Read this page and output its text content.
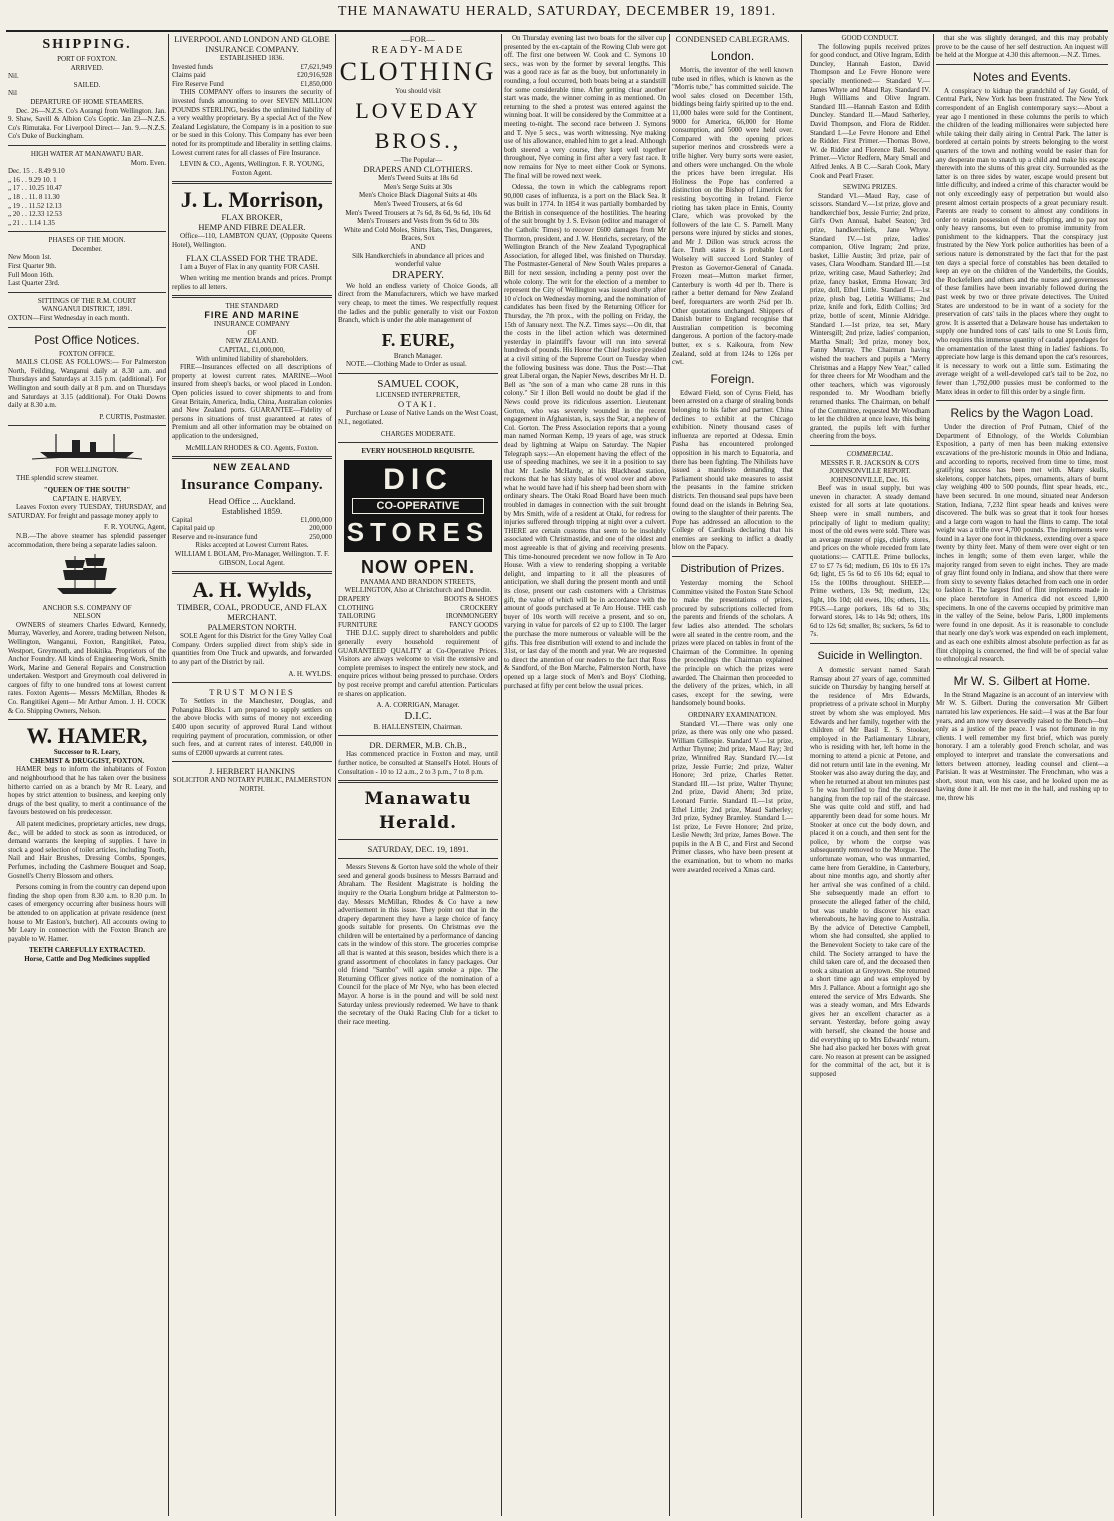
THE MANAWATU HERALD, SATURDAY, DECEMBER 19, 1891.
SHIPPING.
PORT OF FOXTON.
ARRIVED.
Nil.
SAILED.
Nil
DEPARTURE OF HOME STEAMERS.

Dec. 26—N.Z.S. Co's Aorangi from Wellington. Jan. 9. Shaw, Savill & Albion Co's Coptic. Jan 23—N.Z.S. Co's Rimutaka. For Liverpool Direct— Jan. 9.—N.Z.S. Co's Duke of Buckingham.

HIGH WATER AT MANAWATU BAR.
Morn. Even.
Dec. 15 . . 8.49 9.10
„ 16 . . 9.29 10. 1
„ 17 . . 10.25 10.47
„ 18 . . 11. 8 11.30
„ 19 . . 11.52 12.13
„ 20 . . 12.33 12.53
„ 21 . . 1.14 1.35
PHASES OF THE MOON.
December.
New Moon 1st.
First Quarter 9th.
Full Moon 16th.
Last Quarter 23rd.
SITTINGS OF THE R.M. COURT
WANGANUI DISTRICT, 1891.
OXTON—First Wednesday in each month.
Post Office Notices.
FOXTON OFFICE.

MAILS CLOSE AS FOLLOWS:— For Palmerston North, Feilding, Wanganui daily at 8.30 a.m. and Thursdays and Saturdays at 3.15 p.m. (additional). For Wellington and south daily at 8 p.m. and on Thursdays and Saturdays at 3.15 (additional). For Otaki Downs daily at 8.30 a.m.

P. CURTIS, Postmaster.
FOR WELLINGTON.

THE splendid screw steamer.

"QUEEN OF THE SOUTH"
CAPTAIN E. HARVEY,

Leaves Foxton every TUESDAY, THURSDAY, and SATURDAY. For freight and passage money apply to

F. R. YOUNG, Agent,

N.B.—The above steamer has splendid passenger accommodation, there being a separate ladies saloon.

ANCHOR S.S. COMPANY OF
NELSON

OWNERS of steamers Charles Edward, Kennedy, Murray, Waverley, and Aorere, trading between Nelson, Wellington, Wanganui, Foxton, Rangitikei, Patea, Westport, Greymouth, and Hokitika. Proprietors of the Anchor Foundry. All kinds of Engineering Work, Smith Work, Marine and General Repairs and Construction undertaken. Westport and Greymouth coal delivered in cargoes of fifty to one hundred tons at lowest current rates. Foxton Agents— Messrs McMillan, Rhodes & Co. Rangitikei Agent— Mr Arthur Amon. J. H. COCK & Co. Shipping Owners, Nelson.

W. HAMER,
Successor to R. Leary,
CHEMIST & DRUGGIST, FOXTON.

HAMER begs to inform the inhabitants of Foxton and neighbourhood that he has taken over the business hitherto carried on as a branch by Mr R. Leary, and hopes by strict attention to business, and keeping only drugs of the best quality, to merit a continuance of the favours bestowed on his predecessor.

All patent medicines, proprietary articles, new drugs, &c., will be added to stock as soon as introduced, or demand warrants the keeping of supplies. I have in stock a good selection of toilet articles, including Tooth, Nail and Hair Brushes, Dressing Combs, Sponges, Perfumes, including the Cashmere Bouquet and Soap, Gosnell's Cherry Blossom and others.

Persons coming in from the country can depend upon finding the shop open from 8.30 a.m. to 8.30 p.m. In cases of emergency occurring after business hours will be attended to on application at private residence (next house to Mr Easton's, butcher). All accounts owing to Mr Leary in connection with the Foxton Branch are payable to W. Hamer.

TEETH CAREFULLY EXTRACTED.
Horse, Cattle and Dog Medicines supplied
LIVERPOOL AND LONDON AND GLOBE
INSURANCE COMPANY.
ESTABLISHED 1836.
Invested funds	£7,621,949
Claims paid	£20,916,928
Fire Reserve Fund	£1,850,000

THIS COMPANY offers to insurers the security of invested funds amounting to over SEVEN MILLION POUNDS STERLING, besides the unlimited liability of a very wealthy proprietary. By a special Act of the New Zealand Legislature, the Company is in a position to sue or be sued in this Colony. This Company has ever been noted for its promptitude and liberality in settling claims. Lowest current rates for all classes of Fire Insurance.

LEVIN & CO., Agents, Wellington. F. R. YOUNG, Foxton Agent.
J. L. Morrison,
FLAX BROKER,
HEMP AND FIBRE DEALER.

Office—110, LAMBTON QUAY, (Opposite Queens Hotel), Wellington.

FLAX CLASSED FOR THE TRADE.

I am a Buyer of Flax in any quantity FOR CASH.

When writing me mention brands and prices. Prompt replies to all letters.

THE STANDARD
FIRE AND MARINE
INSURANCE COMPANY
OF
NEW ZEALAND.
CAPITAL, £1,000,000,
With unlimited liability of shareholders.

FIRE—Insurances effected on all descriptions of property at lowest current rates. MARINE—Wool insured from sheep's backs, or wool placed in London. Open policies issued to cover shipments to and from Great Britain, America, India, China, Australian colonies and New Zealand ports. GUARANTEE—Fidelity of persons in situations of trust guaranteed at rates of Premium and all other information may be obtained on application to the undersigned,

McMILLAN RHODES & CO. Agents, Foxton.
NEW ZEALAND
Insurance Company.
Head Office ... Auckland.
Established 1859.
Capital	£1,000,000
Capital paid up	200,000
Reserve and re-insurance fund	250,000
Risks accepted at Lowest Current Rates.
WILLIAM I. BOLAM, Pro-Manager, Wellington. T. F. GIBSON, Local Agent.
A. H. Wylds,
TIMBER, COAL, PRODUCE, AND FLAX MERCHANT.
PALMERSTON NORTH.

SOLE Agent for this District for the Grey Valley Coal Company. Orders supplied direct from ship's side in quantities from One Truck and upwards, and forwarded to any part of the District by rail.

A. H. WYLDS.
TRUST MONIES

To Settlers in the Manchester, Douglas, and Pohangina Blocks. I am prepared to supply settlers on the above blocks with sums of money not exceeding £400 upon security of approved Rural Land without requiring payment of procuration, commission, or other such fees, and at current rates of interest. £40,000 in sums of £2000 upwards at current rates.

J. HERBERT HANKINS
SOLICITOR AND NOTARY PUBLIC, PALMERSTON NORTH.
—FOR—
READY-MADE
CLOTHING
You should visit
LOVEDAY BROS.,
—The Popular—
DRAPERS AND CLOTHIERS.
Men's Tweed Suits at 18s 6d
Men's Serge Suits at 30s
Men's Choice Black Diagonal Suits at 40s
Men's Tweed Trousers, at 6s 6d
Men's Tweed Trousers at 7s 6d, 8s 6d, 9s 6d, 10s 6d
Men's Trousers and Vests from 9s 6d to 30s
White and Cold Moles, Shirts Hats, Ties, Dungarees, Braces, Sox
AND
Silk Handkerchiefs in abundance all prices and wonderful value
DRAPERY.

We hold an endless variety of Choice Goods, all direct from the Manufacturers, which we have marked very cheap, to meet the times. We respectfully request the ladies and the public generally to visit our Foxton Branch, which is under the able management of

F. EURE,
Branch Manager.

NOTE.—Clothing Made to Order as usual.

SAMUEL COOK,
LICENSED INTERPRETER,
OTAKI.

Purchase or Lease of Native Lands on the West Coast, N.I., negotiated.

CHARGES MODERATE.
EVERY HOUSEHOLD REQUISITE.
DIC
CO-OPERATIVE
STORES
NOW OPEN.
PANAMA AND BRANDON STREETS, WELLINGTON, Also at Christchurch and Dunedin.
DRAPERY	BOOTS & SHOES
CLOTHING	CROCKERY
TAILORING	IRONMONGERY
FURNITURE	FANCY GOODS

THE D.I.C. supply direct to shareholders and public generally every household requirement of GUARANTEED QUALITY at Co-Operative Prices. Visitors are always welcome to visit the extensive and complete premises to inspect the entirely new stock, and enquire prices without being pressed to purchase. Orders by post receive prompt and careful attention. Particulars re shares on application.

A. A. CORRIGAN, Manager.
D.I.C.
B. HALLENSTEIN, Chairman.
DR. DERMER, M.B. Ch.B.,

Has commenced practice in Foxton and may, until further notice, be consulted at Stansell's Hotel. Hours of Consultation - 10 to 12 a.m., 2 to 3 p.m., 7 to 8 p.m.

Manawatu Herald.
SATURDAY, DEC. 19, 1891.

Messrs Stevens & Gorton have sold the whole of their seed and general goods business to Messrs Barraud and Abraham. The Resident Magistrate is holding the inquiry re the Otaria Longburn bridge at Palmerston to-day. Messrs McMillan, Rhodes & Co have a new advertisement in this issue. They point out that in the drapery department they have a large choice of fancy goods suitable for presents. On Christmas eve the children will be entertained by a performance of dancing cats in the window of this store. The groceries comprise all that is wanted at this season, besides which there is a grand assortment of chocolates in fancy packages. Our old friend "Sambo" will again smoke a pipe. The Returning Officer gives notice of the nomination of a Council for the place of Mr Nye, who has been elected Mayor. A horse is in the pound and will be sold next Saturday unless previously redeemed. We have to thank the secretary of the Otaki Racing Club for a ticket to their race meeting.

On Thursday evening last two boats for the silver cup presented by the ex-captain of the Rowing Club were got off. The first one between W. Cook and C. Symons 10 secs., was won by the former by several lengths. This was a good race as far as the buoy, but unfortunately in rounding, a foul occurred, both boats being at a standstill for some considerable time. After getting clear another start was made, the winner coming in as mentioned. On returning to the shed a protest was entered against the winning boat. It will be considered by the Committee at a meeting to-night. The second race between J. Symons and T. Nye 5 secs., was worth witnessing. Nye making use of his allowance, enabled him to get a lead. Although both steered a very course, they kept well together throughout, Nye coming in first after a very fast race. It now remains for Nye to meet either Cook or Symons. The final will be rowed next week.

Odessa, the town in which the cablegrams report 90,000 cases of influenza, is a port on the Black Sea. It was built in 1774. In 1854 it was partially bombarded by the British in consequence of the hostilities. The hearing of the suit brought by J. S. Evison (editor and manager of the Catholic Times) to recover £600 damages from Mr Thornton, president, and J. W. Henrichs, secretary, of the Wellington Branch of the New Zealand Typographical Association, for alleged libel, was finished on Thursday. The Postmaster-General of New South Wales prepares a Bill for next session, including a penny post over the whole colony. The writ for the election of a member to represent the City of Wellington was issued shortly after 10 o'clock on Wednesday morning, and the nomination of candidates has been fixed by the Returning Officer for Thursday, the 7th prox., with the polling on Friday, the 15th of January next. The N.Z. Times says:—On dit, that the costs in the libel action which was determined yesterday in plaintiff's favour will run into several hundreds of pounds. His Honor the Chief Justice presided at a civil sitting of the Supreme Court on Tuesday when the following business was done. Thus the Post:—That great Liberal organ, the Napier News, describes Mr H. D. Bell as "the son of a man who came 28 runs in this colony." Sir I illon Bell would no doubt be glad if the News could prove its ridiculous assertion. Lieutenant Gorton, who was severely wounded in the recent engagement in Afghanistan, is, says the Star, a nephew of Col. Gorton. The Press Association reports that a young man named Norman Kemp, 19 years of age, was struck dead by lightning at Waipu on Saturday. The Napier Telegraph says:—An elopement having the effect of the use of speeding machines, we see it in a position to say that Mr Leslie McHardy, at his Blackhead station, reckons that he has sixty bales of wool over and above what he would have had if his sheep had been shorn with ordinary shears. The Otaki Road Board have been much troubled in damages in connection with the suit brought by Mrs Smith, wife of a resident at Otaki, for redress for injuries suffered through tripping at night over a culvert. THERE are certain customs that seem to be insolubly associated with Christmastide, and one of the oldest and most agreeable is that of giving and receiving presents. This time-honoured precedent we now follow in Te Aro House. With a view to rendering shopping a veritable delight, and imparting to it all the pleasures of anticipation, we shall during the present month and until its close, present our cash customers with a Christmas gift, the value of which will be in accordance with the amount of goods purchased at Te Aro House. THE cash buyer of 10s worth will receive a present, and so on, varying in value for parcels of £2 up to £100. The larger the purchase the more numerous or valuable will be the gifts. This free distribution will extend to and include the 31st, or last day of the month and year. We are requested to direct the attention of our readers to the fact that Ross & Sandford, of the Bon Marche, Palmerston North, have opened up a large stock of Men's and Boys' Clothing, purchased at fifty per cent below the usual prices.

CONDENSED CABLEGRAMS.
London.

Morris, the inventor of the well known tube used in rifles, which is known as the "Morris tube," has committed suicide. The wool sales closed on December 15th, biddings being fairly spirited up to the end. 11,000 bales were sold for the Continent, 9000 for America, 66,000 for Home consumption, and 5000 were held over. Compared with the opening prices superior merinos and crossbreds were a trifle higher. Very burry sorts were easier, and others were unchanged. On the whole the prices have been irregular. His Holiness the Pope has conferred a distinction on the Bishop of Limerick for resisting boycotting in Ireland. Fierce rioting has taken place in Ennis, County Clare, which was provoked by the followers of the late C. S. Parnell. Many persons were injured by sticks and stones, and Mr J. Dillon was struck across the face. Truth states it is probable Lord Wolseley will succeed Lord Stanley of Preston as Governor-General of Canada. Frozen meat—Mutton market firmer, Canterbury is worth 4d per lb. There is rather a better demand for New Zealand beef, forequarters are worth 2¼d per lb. Other quotations unchanged. Shippers of Danish butter to England recognise that Australian competition is becoming dangerous. A portion of the factory-made butter, ex s s. Kaikoura, from New Zealand, sold at from 124s to 126s per cwt.

Foreign.

Edward Field, son of Cyrus Field, has been arrested on a charge of stealing bonds belonging to his father and partner. China declines to exhibit at the Chicago exhibition. Ninety thousand cases of influenza are reported at Odessa. Emin Pasha has encountered prolonged opposition in his march to Equatoria, and there has been fighting. The Nihilists have issued a manifesto demanding that Parliament should take measures to assist the peasants in the famine stricken districts. Ten thousand seal pups have been found dead on the islands in Behring Sea, owing to the slaughter of their parents. The Pope has addressed an allocution to the College of Cardinals declaring that his enemies are seeking to inflict a deadly blow on the Papacy.

Distribution of Prizes.

Yesterday morning the School Committee visited the Foxton State School to make the presentations of prizes, procured by subscriptions collected from the parents and friends of the scholars. A few ladies also attended. The scholars were all seated in the centre room, and the prizes were placed on tables in front of the Chairman of the Committee. In opening the proceedings the Chairman explained the principle on which the prizes were awarded. The Chairman then proceeded to the delivery of the prizes, which, in all cases, except for the sewing, were handsomely bound books.

ORDINARY EXAMINATION.

Standard VI.—There was only one prize, as there was only one who passed. William Gillespie. Standard V.—1st prize, Arthur Thynne; 2nd prize, Maud Ray; 3rd prize, Winnifred Ray. Standard IV.—1st prize, Jessie Furrie; 2nd prize, Walter Honore; 3rd prize, Charles Retter. Standard III.—1st prize, Walter Thynne; 2nd prize, David Ahern; 3rd prize, Leonard Furrie. Standard II.—1st prize, Ethel Little; 2nd prize, Maud Satherley; 3rd prize, Sydney Bramley. Standard I.—1st prize, Le Fevre Honore; 2nd prize, Leslie Newth; 3rd prize, James Bowe. The pupils in the A B C, and First and Second Primer classes, who have been present at the examination, but to whom no marks were awarded received a Xmas card.

GOOD CONDUCT.

The following pupils received prizes for good conduct, and Olive Ingram, Edith Duncley, Hannah Easton, David Thompson and Le Fevre Honore were specially mentioned:— Standard V.—James Whyte and Maud Ray. Standard IV. Hugh Williams and Olive Ingram. Standard III.—Hannah Easton and Edith Duncley. Standard II.—Maud Satherley, David Thompson, and Flora de Ridder. Standard I.—Le Fevre Honore and Ethel de Ridder. First Primer.—Thomas Bowe, W. de Ridder and Florence Ball. Second Primer.—Victor Redfern, Mary Small and Alfred Jenks. A B C.—Sarah Cook, Mary Cook and Pearl Fraser.

SEWING PRIZES.

Standard VI.—Maud Ray, case of scissors. Standard V.—1st prize, glove and handkerchief box, Jessie Furrie; 2nd prize, Girl's Own Annual, Isabel Seaton; 3rd prize, handkerchiefs, Jane Whyte. Standard IV.—1st prize, ladies' companion, Olive Ingram; 2nd prize, basket, Lillie Austin; 3rd prize, pair of vases, Clara Woodham. Standard III.—1st prize, writing case, Maud Satherley; 2nd prize, fancy basket, Emma Howan; 3rd prize, doll, Ethel Little. Standard II.—1st prize, plush bag, Letitia Williams; 2nd prize, knife and fork, Edith Collins; 3rd prize, bottle of scent, Minnie Aldridge. Standard I.—1st prize, tea set, Mary Wintersgill; 2nd prize, ladies' companion, Martha Small; 3rd prize, money box, Fanny Murray. The Chairman having wished the teachers and pupils a "Merry Christmas and a Happy New Year," called for three cheers for Mr Woodham and the other teachers, which was vigorously responded to. Mr Woodham briefly returned thanks. The Chairman, on behalf of the Committee, requested Mr Woodham to let the children at once leave, this being granted, the pupils left with further cheering from the boys.

COMMERCIAL.
MESSRS F. R. JACKSON & CO'S JOHNSONVILLE REPORT.
JOHNSONVILLE, Dec. 16.

Beef was in usual supply, but was uneven in character. A steady demand existed for all sorts at late quotations. Sheep were in small numbers, and principally of light to medium quality; most of the old ewes were sold. There was an average muster of pigs, chiefly stores, and prices on the whole receded from late quotations:— CATTLE. Prime bullocks, £7 to £7 7s 6d; medium, £6 10s to £6 17s 6d; light, £5 5s 6d to £6 10s 6d; equal to 15s the 100lbs throughout. SHEEP.—Prime wethers, 13s 9d; medium, 12s; light, 10s 10d; old ewes, 10s; others, 11s. PIGS.—Large porkers, 18s 6d to 30s; forward stores, 14s to 14s 9d; others, 10s 6d to 12s 6d; smaller, 8s; suckers, 5s 6d to 7s.

Suicide in Wellington.

A domestic servant named Sarah Ramsay about 27 years of age, committed suicide on Thursday by hanging herself at the residence of Mrs Edwards, proprietress of a private school in Murphy street by whom she was employed. Mrs Edwards and her family, together with the children of Mr Basil E. S. Stooker, employed in the Parliamentary Library, who is residing with her, left home in the morning to attend a picnic at Petone, and did not return until late in the evening. Mr Stooker was also away during the day, and when he returned at about ten minutes past 5 he was horrified to find the deceased hanging from the top rail of the staircase. She was quite cold and stiff, and had apparently been dead for some hours. Mr Stooker at once cut the body down, and placed it on a couch, and then sent for the police, by whom the corpse was subsequently removed to the Morgue. The unfortunate woman, who was unmarried, came here from Geraldine, in Canterbury, about nine months ago, and shortly after her arrival she was confined of a child. She subsequently made an effort to prosecute the alleged father of the child, but was unable to discover his exact whereabouts, he having gone to Australia. By the advice of Detective Campbell, whom she had consulted, she applied to the Benevolent Society to take care of the child. The Society arranged to have the child taken care of, and the deceased then took a situation at Greytown. She returned a short time ago and was employed by Mrs J. Pallance. About a fortnight ago she entered the service of Mrs Edwards. She was a steady woman, and Mrs Edwards gives her an excellent character as a servant. Yesterday, before going away with herself, she cleaned the house and did everything up to Mrs Edwards' return. She had also packed her boxes with great care. No reason at present can be assigned for the committal of the act, but it is supposed

that she was slightly deranged, and this may probably prove to be the cause of her self destruction. An inquest will be held at the Morgue at 4.30 this afternoon.—N.Z. Times.

Notes and Events.

A conspiracy to kidnap the grandchild of Jay Gould, of Central Park, New York has been frustrated. The New York correspondent of an English contemporary says:—About a year ago I mentioned in these columns the perils to which the children of the leading millionaires were subjected here while taking their daily airing in Central Park. The latter is bordered at certain points by streets belonging to the worst quarters of the town and nothing would be easier than for any desperate man to snatch up a child and make his escape therewith into the slums of this great city. Surrounded as the latter is on three sides by water, escape would present but little difficulty, and indeed a crime of this character would be not only exceedingly easy of perpetration but would also present almost certain prospects of a great pecuniary result. Parents are ready to consent to almost any conditions in order to retain possession of their offspring, and to pay not only heavy ransoms, but even to promise immunity from punishment to the kidnappers. That the conspiracy just frustrated by the New York police authorities has been of a serious nature is demonstrated by the fact that for the past ten days a special force of constables has been detailed to keep an eye on the children of the Vanderbilts, the Goulds, the Rockefellers and others and the nurses and governesses of these families have been invariably followed during the past week by two or three private detectives. The United States are understood to be in want of a society for the preservation of cats' tails in the places where they ought to grow. It is asserted that a Delaware house has undertaken to supply one hundred tons of cats' tails to one St Louis firm, who requires this immense quantity of caudal appendages for the ornamentation of the latest thing in ladies' fashions. To appreciate how large is this demand upon the cat's resources, it is necessary to work out a little sum. Estimating the average weight of a well-developed cat's tail to be 2oz, no fewer than 1,792,000 pussies must be conformed to the Manx ideas in order to fill this order by a single firm.

Relics by the Wagon Load.

Under the direction of Prof Putnam, Chief of the Department of Ethnology, of the Worlds Columbian Exposition, a party of men has been making extensive excavations of the pre-historic mounds in Ohio and Indiana, and according to reports, received from time to time, most gratifying success has been met with. Many skulls, skeletons, copper hatchets, pipes, ornaments, altars of burnt clay weighing 400 to 500 pounds, flint spear heads, etc., have been secured. In one mound, situated near Anderson Station, Indiana, 7,232 flint spear heads and knives were discovered. The bulk was so great that it took four horses and a large corn wagon to haul the flints to camp. The total weight was a trifle over 4,700 pounds. The implements were found in a layer one foot in thickness, extending over a space twenty by thirty feet. Many of them were over eight or ten inches in length; some of them even larger, while the majority ranged from seven to eight inches. They are made of gray flint found only in Indiana, and show that there were from sixty to seventy flakes detached from each one in order to fashion it. The largest find of flint implements made in one place heretofore in America did not exceed 1,800 specimens. In one of the caverns occupied by primitive man in the valley of the Seine, below Paris, 1,800 implements were found in one deposit. As it is reasonable to conclude that nearly one day's work was expended on each implement, and as each one exhibits almost absolute perfection as far as flint chipping is concerned, the find will be of special value to ethnological research.

Mr W. S. Gilbert at Home.

In the Strand Magazine is an account of an interview with Mr W. S. Gilbert. During the conversation Mr Gilbert narrated his law experiences. He said:—I was at the Bar four years, and am now very deservedly raised to the Bench—but only as a justice of the peace. I was not fortunate in my clients. I well remember my first brief, which was purely honorary. I am a tolerably good French scholar, and was employed to interpret and translate the conversations and letters between attorney, leading counsel and client—a Parisian. It was at Westminster. The Frenchman, who was a short, stout man, won his case, and he looked upon me as having done it all. He met me in the hall, and rushing up to me, threw his
